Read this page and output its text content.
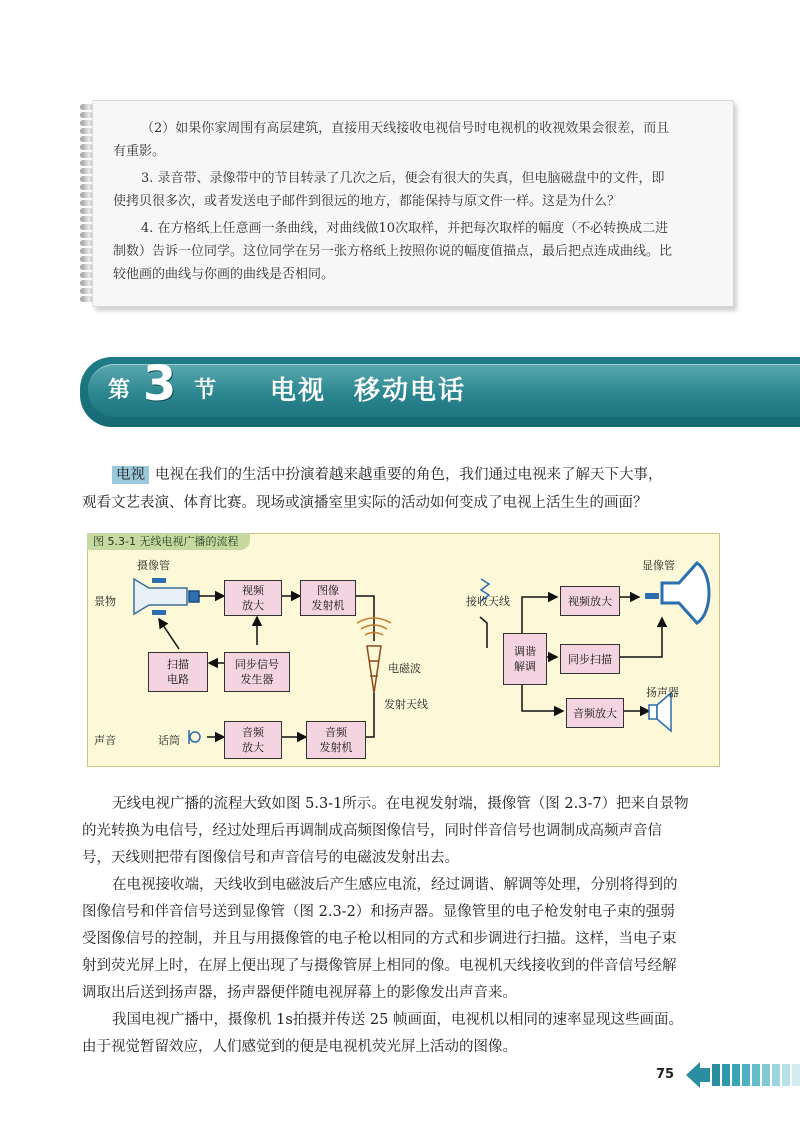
（2）如果你家周围有高层建筑，直接用天线接收电视信号时电视机的收视效果会很差，而且

有重影。

3. 录音带、录像带中的节目转录了几次之后，便会有很大的失真，但电脑磁盘中的文件，即

使拷贝很多次，或者发送电子邮件到很远的地方，都能保持与原文件一样。这是为什么？

4. 在方格纸上任意画一条曲线，对曲线做10次取样，并把每次取样的幅度（不必转换成二进

制数）告诉一位同学。这位同学在另一张方格纸上按照你说的幅度值描点，最后把点连成曲线。比

较他画的曲线与你画的曲线是否相同。

第 3 节 电视　移动电话

电视 电视在我们的生活中扮演着越来越重要的角色，我们通过电视来了解天下大事，

观看文艺表演、体育比赛。现场或演播室里实际的活动如何变成了电视上活生生的画面？

图 5.3-1 无线电视广播的流程
摄像管
景物
视频
放大
图像
发射机
扫描
电路
同步信号
发生器
电磁波
发射天线
声音	话筒
音频
放大
音频
发射机
接收天线
调谐
解调
视频放大
同步扫描
音频放大
显像管
扬声器

无线电视广播的流程大致如图 5.3-1所示。在电视发射端，摄像管（图 2.3-7）把来自景物

的光转换为电信号，经过处理后再调制成高频图像信号，同时伴音信号也调制成高频声音信

号，天线则把带有图像信号和声音信号的电磁波发射出去。

在电视接收端，天线收到电磁波后产生感应电流，经过调谐、解调等处理，分别将得到的

图像信号和伴音信号送到显像管（图 2.3-2）和扬声器。显像管里的电子枪发射电子束的强弱

受图像信号的控制，并且与用摄像管的电子枪以相同的方式和步调进行扫描。这样，当电子束

射到荧光屏上时，在屏上便出现了与摄像管屏上相同的像。电视机天线接收到的伴音信号经解

调取出后送到扬声器，扬声器便伴随电视屏幕上的影像发出声音来。

我国电视广播中，摄像机 1s拍摄并传送 25 帧画面，电视机以相同的速率显现这些画面。

由于视觉暂留效应，人们感觉到的便是电视机荧光屏上活动的图像。

75
